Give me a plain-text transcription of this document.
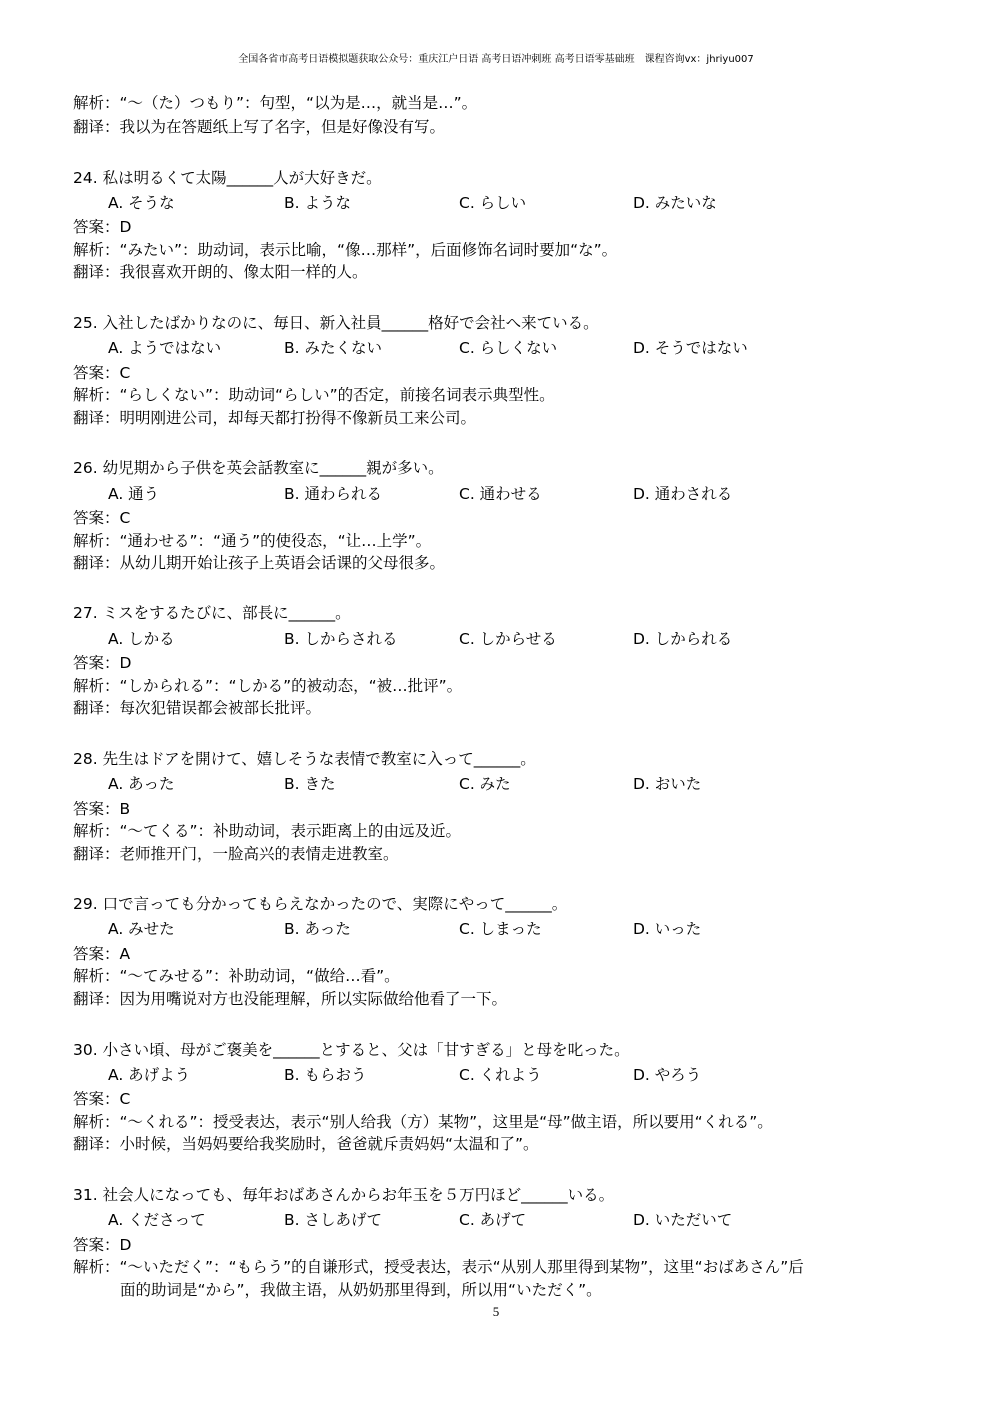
全国各省市高考日语模拟题获取公众号：重庆江户日语 高考日语冲刺班 高考日语零基础班　课程咨询vx：jhriyu007
解析：“～（た）つもり”：句型，“以为是…，就当是…”。
翻译：我以为在答题纸上写了名字，但是好像没有写。
24. 私は明るくて太陽______人が大好きだ。
A. そうな	B. ような	C. らしい	D. みたいな
答案：D
解析：“みたい”：助动词，表示比喻，“像…那样”，后面修饰名词时要加“な”。
翻译：我很喜欢开朗的、像太阳一样的人。
25. 入社したばかりなのに、毎日、新入社員______格好で会社へ来ている。
A. ようではない	B. みたくない	C. らしくない	D. そうではない
答案：C
解析：“らしくない”：助动词“らしい”的否定，前接名词表示典型性。
翻译：明明刚进公司，却每天都打扮得不像新员工来公司。
26. 幼児期から子供を英会話教室に______親が多い。
A. 通う	B. 通わられる	C. 通わせる	D. 通わされる
答案：C
解析：“通わせる”：“通う”的使役态，“让…上学”。
翻译：从幼儿期开始让孩子上英语会话课的父母很多。
27. ミスをするたびに、部長に______。
A. しかる	B. しからされる	C. しからせる	D. しかられる
答案：D
解析：“しかられる”：“しかる”的被动态，“被…批评”。
翻译：每次犯错误都会被部长批评。
28. 先生はドアを開けて、嬉しそうな表情で教室に入って______。
A. あった	B. きた	C. みた	D. おいた
答案：B
解析：“～てくる”：补助动词，表示距离上的由远及近。
翻译：老师推开门，一脸高兴的表情走进教室。
29. 口で言っても分かってもらえなかったので、実際にやって______。
A. みせた	B. あった	C. しまった	D. いった
答案：A
解析：“～てみせる”：补助动词，“做给…看”。
翻译：因为用嘴说对方也没能理解，所以实际做给他看了一下。
30. 小さい頃、母がご褒美を______とすると、父は「甘すぎる」と母を叱った。
A. あげよう	B. もらおう	C. くれよう	D. やろう
答案：C
解析：“～くれる”：授受表达，表示“别人给我（方）某物”，这里是“母”做主语，所以要用“くれる”。
翻译：小时候，当妈妈要给我奖励时，爸爸就斥责妈妈“太温和了”。
31. 社会人になっても、毎年おばあさんからお年玉を５万円ほど______いる。
A. くださって	B. さしあげて	C. あげて	D. いただいて
答案：D
解析：“～いただく”：“もらう”的自谦形式，授受表达，表示“从别人那里得到某物”，这里“おばあさん”后
面的助词是“から”，我做主语，从奶奶那里得到，所以用“いただく”。
5
